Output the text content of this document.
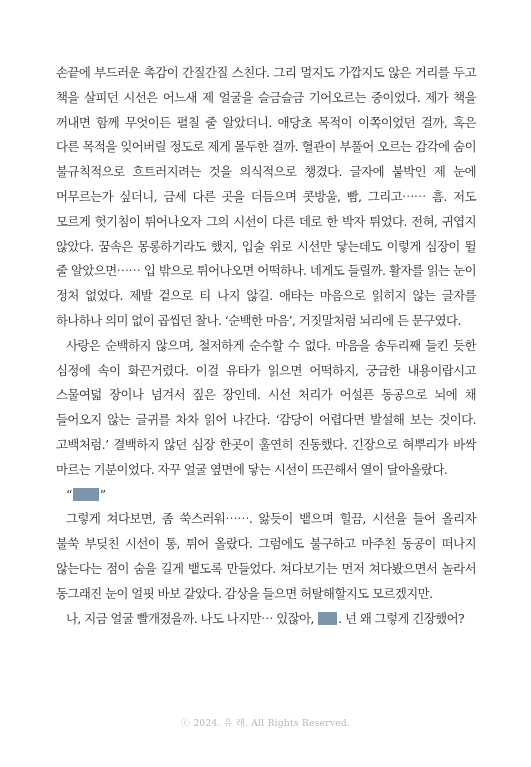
손끝에 부드러운 촉감이 간질간질 스친다. 그리 멀지도 가깝지도 않은 거리를 두고 책을 살피던 시선은 어느새 제 얼굴을 슬금슬금 기어오르는 중이었다. 제가 책을 꺼내면 함께 무엇이든 펼칠 줄 알았더니. 애당초 목적이 이쪽이었던 걸까, 혹은 다른 목적을 잊어버릴 정도로 제게 몰두한 걸까. 혈관이 부풀어 오르는 감각에 숨이 불규칙적으로 흐트러지려는 것을 의식적으로 챙겼다. 글자에 붙박인 제 눈에 머무르는가 싶더니, 금세 다른 곳을 더듬으며 콧방울, 빰, 그리고⋯⋯ 흠. 저도 모르게 헛기침이 튀어나오자 그의 시선이 다른 데로 한 박자 튀었다. 전혀, 귀엽지 않았다. 꿈속은 몽롱하기라도 했지, 입술 위로 시선만 닿는데도 이렇게 심장이 뛸 줄 알았으면⋯⋯ 입 밖으로 튀어나오면 어떡하나. 네게도 들릴까. 활자를 읽는 눈이 정처 없었다. 제발 겉으로 티 나지 않길. 애타는 마음으로 읽히지 않는 글자를 하나하나 의미 없이 곱씹던 찰나. ‘순백한 마음’, 거짓말처럼 뇌리에 든 문구였다.

사랑은 순백하지 않으며, 철저하게 순수할 수 없다. 마음을 송두리째 들킨 듯한 심정에 속이 화끈거렸다. 이걸 유타가 읽으면 어떡하지, 궁금한 내용이랍시고 스물여덟 장이나 넘겨서 짚은 장인데. 시선 처리가 어설픈 동공으로 뇌에 채 들어오지 않는 글귀를 차차 읽어 나간다. ‘감당이 어렵다면 발설해 보는 것이다. 고백처럼.’ 결백하지 않던 심장 한곳이 훌연히 진동했다. 긴장으로 혀뿌리가 바싹 마르는 기분이었다. 자꾸 얼굴 옆면에 닿는 시선이 뜨끈해서 열이 달아올랐다.

“ ”

그렇게 쳐다보면, 좀 쑥스러워⋯⋯. 앓듯이 뱉으며 힐끔, 시선을 들어 올리자 불쑥 부딪친 시선이 통, 튀어 올랐다. 그럼에도 불구하고 마주친 동공이 떠나지 않는다는 점이 숨을 길게 뱉도록 만들었다. 쳐다보기는 먼저 쳐다봤으면서 놀라서 동그래진 눈이 얼핏 바보 같았다. 감상을 들으면 허탈해할지도 모르겠지만.

나, 지금 얼굴 빨개졌을까. 나도 나지만⋯ 있잖아, . 넌 왜 그렇게 긴장했어?

ⓒ 2024. 유 래. All Rights Reserved.
